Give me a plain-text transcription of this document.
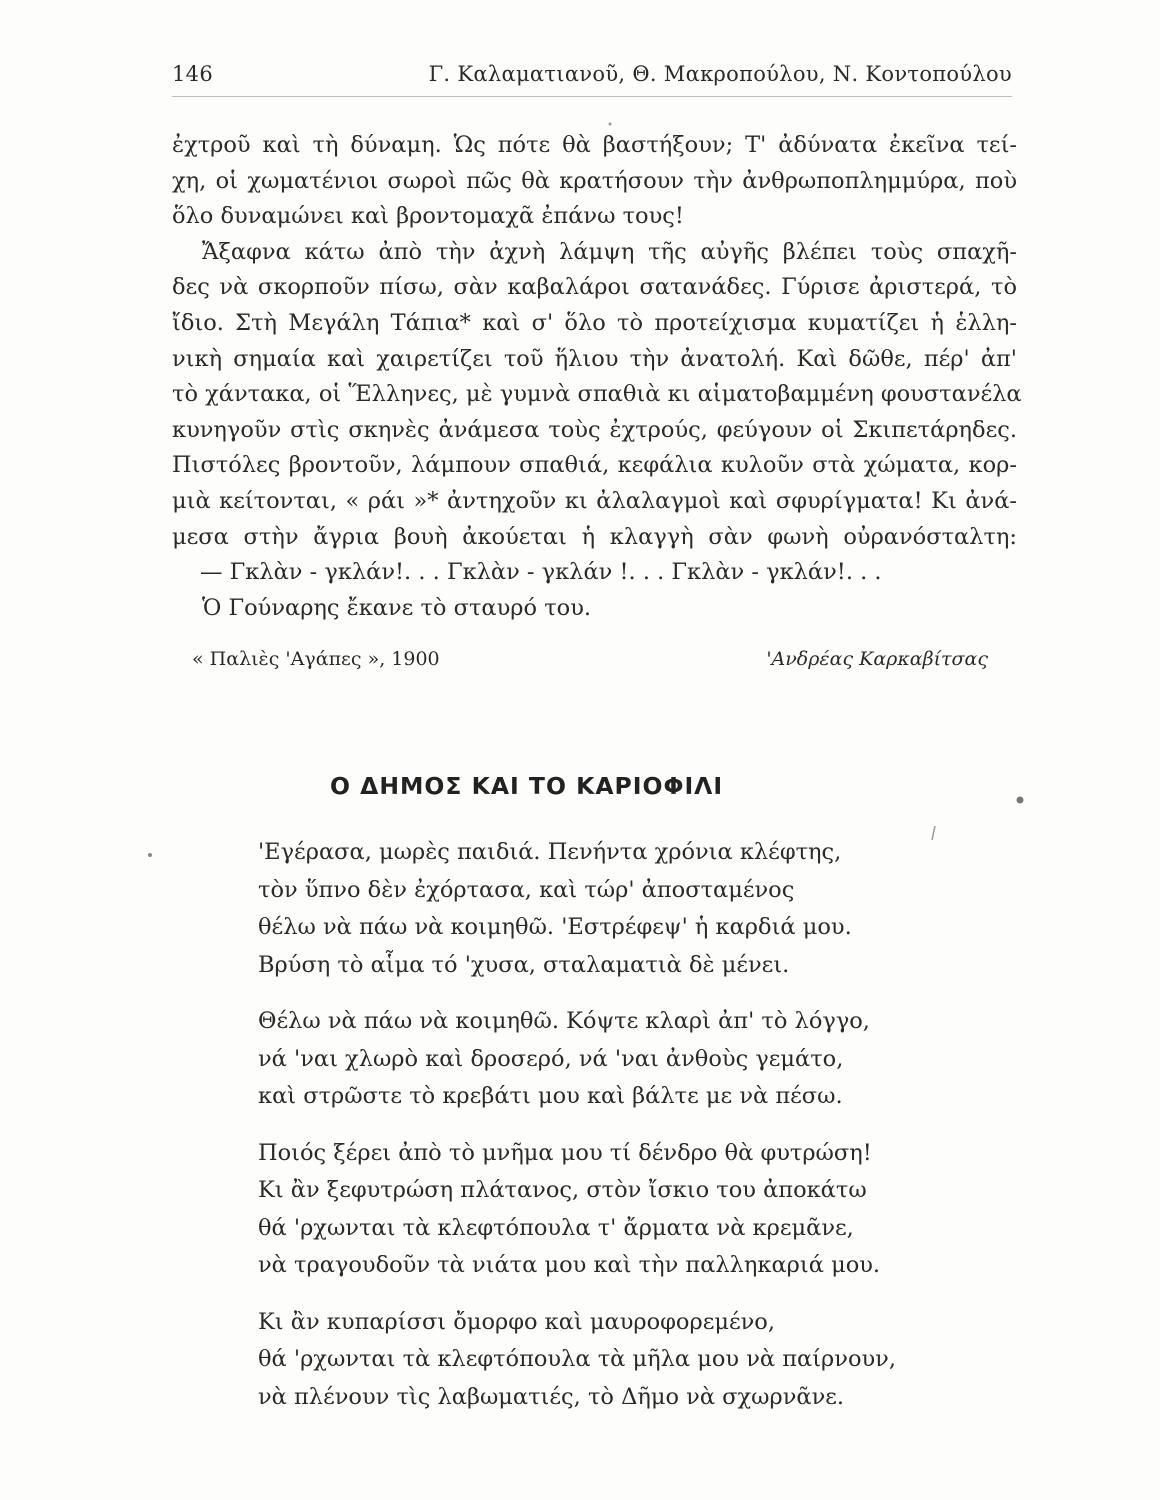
146	Γ. Καλαματιανοῦ, Θ. Μακροπούλου, Ν. Κοντοπούλου
ἐχτροῦ καὶ τὴ δύναμη. Ὡς πότε θὰ βαστήξουν; Τ' ἀδύνατα ἐκεῖνα τεί-
χη, οἱ χωματένιοι σωροὶ πῶς θὰ κρατήσουν τὴν ἀνθρωποπλημμύρα, ποὺ
ὅλο δυναμώνει καὶ βροντομαχᾶ ἐπάνω τους!
Ἄξαφνα κάτω ἀπὸ τὴν ἀχνὴ λάμψη τῆς αὐγῆς βλέπει τοὺς σπαχῆ-
δες νὰ σκορποῦν πίσω, σὰν καβαλάροι σατανάδες. Γύρισε ἀριστερά, τὸ
ἴδιο. Στὴ Μεγάλη Τάπια* καὶ σ' ὅλο τὸ προτείχισμα κυματίζει ἡ ἑλλη-
νικὴ σημαία καὶ χαιρετίζει τοῦ ἥλιου τὴν ἀνατολή. Καὶ δῶθε, πέρ' ἀπ'
τὸ χάντακα, οἱ Ἕλληνες, μὲ γυμνὰ σπαθιὰ κι αἱματοβαμμένη φουστανέλα
κυνηγοῦν στὶς σκηνὲς ἀνάμεσα τοὺς ἐχτρούς, φεύγουν οἱ Σκιπετάρηδες.
Πιστόλες βροντοῦν, λάμπουν σπαθιά, κεφάλια κυλοῦν στὰ χώματα, κορ-
μιὰ κείτονται, « ράι »* ἀντηχοῦν κι ἀλαλαγμοὶ καὶ σφυρίγματα! Κι ἀνά-
μεσα στὴν ἄγρια βουὴ ἀκούεται ἡ κλαγγὴ σὰν φωνὴ οὐρανόσταλτη:
— Γκλὰν - γκλάν!. . . Γκλὰν - γκλάν !. . . Γκλὰν - γκλάν!. . .
Ὁ Γούναρης ἔκανε τὸ σταυρό του.
« Παλιὲς 'Αγάπες », 1900	'Ανδρέας Καρκαβίτσας
Ο ΔΗΜΟΣ ΚΑΙ ΤΟ ΚΑΡΙΟΦΙΛΙ
'Εγέρασα, μωρὲς παιδιά. Πενήντα χρόνια κλέφτης,
τὸν ὕπνο δὲν ἐχόρτασα, καὶ τώρ' ἀποσταμένος
θέλω νὰ πάω νὰ κοιμηθῶ. 'Εστρέφεψ' ἡ καρδιά μου.
Βρύση τὸ αἷμα τό 'χυσα, σταλαματιὰ δὲ μένει.
Θέλω νὰ πάω νὰ κοιμηθῶ. Κόψτε κλαρὶ ἀπ' τὸ λόγγο,
νά 'ναι χλωρὸ καὶ δροσερό, νά 'ναι ἀνθοὺς γεμάτο,
καὶ στρῶστε τὸ κρεβάτι μου καὶ βάλτε με νὰ πέσω.
Ποιός ξέρει ἀπὸ τὸ μνῆμα μου τί δένδρο θὰ φυτρώση!
Κι ἂν ξεφυτρώση πλάτανος, στὸν ἴσκιο του ἀποκάτω
θά 'ρχωνται τὰ κλεφτόπουλα τ' ἄρματα νὰ κρεμᾶνε,
νὰ τραγουδοῦν τὰ νιάτα μου καὶ τὴν παλληκαριά μου.
Κι ἂν κυπαρίσσι ὄμορφο καὶ μαυροφορεμένο,
θά 'ρχωνται τὰ κλεφτόπουλα τὰ μῆλα μου νὰ παίρνουν,
νὰ πλένουν τὶς λαβωματιές, τὸ Δῆμο νὰ σχωρνᾶνε.
